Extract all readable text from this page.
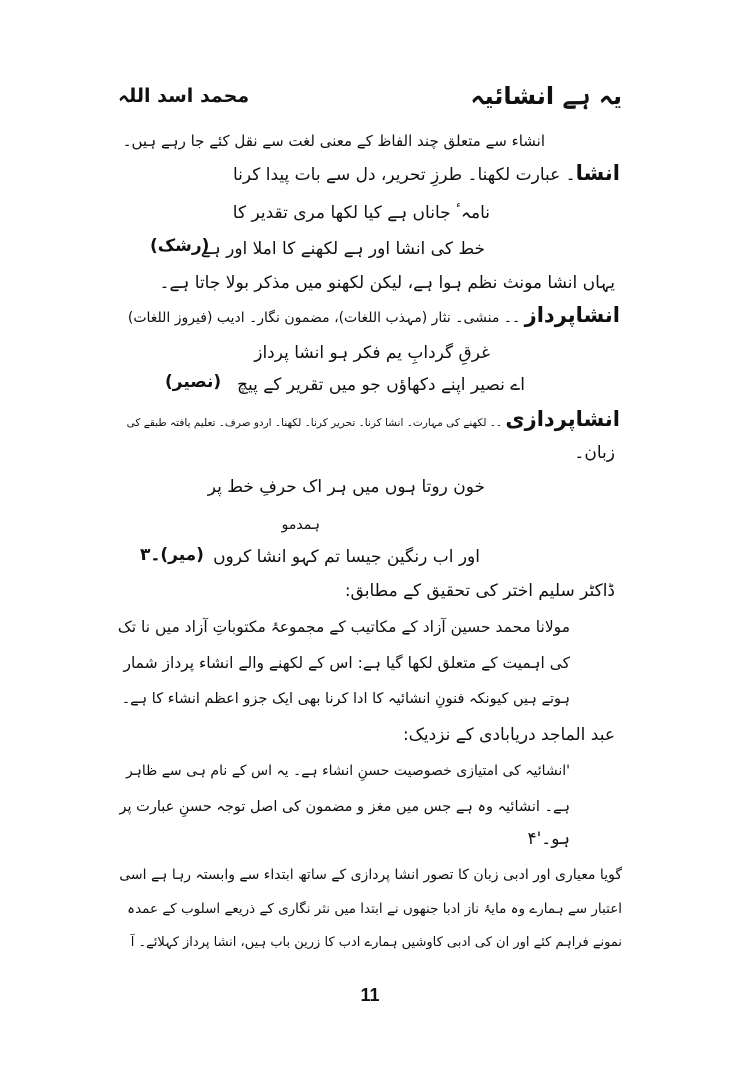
یہ ہے انشائیہ
محمد اسد اللہ
انشاء سے متعلق چند الفاظ کے معنی لغت سے نقل کئے جا رہے ہیں۔
انشا۔ عبارت لکھنا۔ طرزِ تحریر، دل سے بات پیدا کرنا
نامہٴ جاناں ہے کیا لکھا مری تقدیر کا
خط کی انشا اور ہے لکھنے کا املا اور ہے
(رشک)
یہاں انشا مونث نظم ہوا ہے، لیکن لکھنو میں مذکر بولا جاتا ہے۔
انشاپرداز ۔۔ منشی۔ نثار (مہذب اللغات)، مضمون نگار۔ ادیب (فیروز اللغات)
غرقِ گردابِ یم فکر ہو انشا پرداز
اے نصیر اپنے دکھاؤں جو میں تقریر کے پیچ
(نصیر)
انشاپردازی ۔۔ لکھنے کی مہارت۔ انشا کرنا۔ تحریر کرنا۔ لکھنا۔ اردو صرف۔ تعلیم یافتہ طبقے کی
زبان۔
خون روتا ہوں میں ہر اک حرفِ خط پر
ہمدمو
اور اب رنگین جیسا تم کہو انشا کروں
(میر)۔۳
ڈاکٹر سلیم اختر کی تحقیق کے مطابق:
مولانا محمد حسین آزاد کے مکاتیب کے مجموعۂ مکتوباتِ آزاد میں نا تک
کی اہمیت کے متعلق لکھا گیا ہے: اس کے لکھنے والے انشاء پرداز شمار
ہوتے ہیں کیونکہ فنونِ انشائیہ کا ادا کرنا بھی ایک جزو اعظم انشاء کا ہے۔
عبد الماجد دریابادی کے نزدیک:
'انشائیہ کی امتیازی خصوصیت حسنِ انشاء ہے۔ یہ اس کے نام ہی سے ظاہر
ہے۔ انشائیہ وہ ہے جس میں مغز و مضمون کی اصل توجہ حسنِ عبارت پر
ہو۔'۴
گویا معیاری اور ادبی زبان کا تصور انشا پردازی کے ساتھ ابتداء سے وابستہ رہا ہے اسی
اعتبار سے ہمارے وہ مایۂ ناز ادبا جنھوں نے ابتدا میں نثر نگاری کے ذریعے اسلوب کے عمدہ
نمونے فراہم کئے اور ان کی ادبی کاوشیں ہمارے ادب کا زرین باب ہیں، انشا پرداز کہلائے۔ آ
11
